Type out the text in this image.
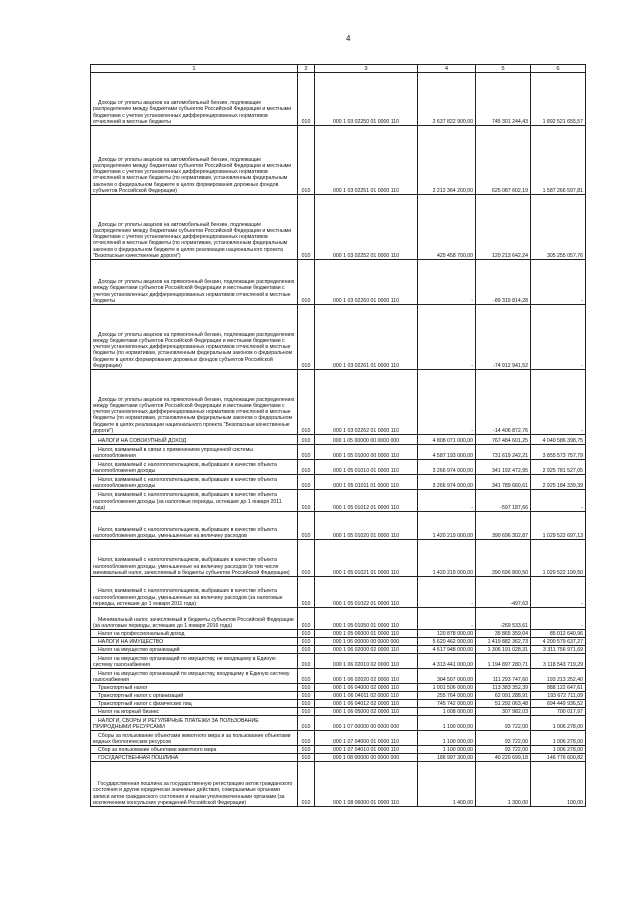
4
1	2	3	4	5	6
Доходы от уплаты акцизов на автомобильный бензин, подлежащие распределению между бюджетами субъектов Российской Федерации и местными бюджетами с учетом установленных дифференцированных нормативов отчислений в местные бюджеты	010	000 1 03 02250 01 0000 110	2 637 822 900,00	745 301 244,43	1 892 521 655,57
Доходы от уплаты акцизов на автомобильный бензин, подлежащие распределению между бюджетами субъектов Российской Федерации и местными бюджетами с учетом установленных дифференцированных нормативов отчислений в местные бюджеты (по нормативам, установленным федеральным законом о федеральном бюджете в целях формирования дорожных фондов субъектов Российской Федерации)	010	000 1 03 02251 01 0000 110	2 212 364 200,00	625 087 602,19	1 587 266 597,81
Доходы от уплаты акцизов на автомобильный бензин, подлежащие распределению между бюджетами субъектов Российской Федерации и местными бюджетами с учетом установленных дифференцированных нормативов отчислений в местные бюджеты (по нормативам, установленным федеральным законом о федеральном бюджете в целях реализации национального проекта "Безопасные качественные дороги")	010	000 1 03 02252 01 0000 110	425 458 700,00	120 213 642,24	305 255 057,76
Доходы от уплаты акцизов на прямогонный бензин, подлежащие распределению между бюджетами субъектов Российской Федерации и местными бюджетами с учетом установленных дифференцированных нормативов отчислений в местные бюджеты	010	000 1 03 02260 01 0000 110	-	-89 319 814,28	-
Доходы от уплаты акцизов на прямогонный бензин, подлежащие распределению между бюджетами субъектов Российской Федерации и местными бюджетами с учетом установленных дифференцированных нормативов отчислений в местные бюджеты (по нормативам, установленным федеральным законом о федеральном бюджете в целях формирования дорожных фондов субъектов Российской Федерации)	010	000 1 03 02261 01 0000 110	-	-74 912 941,52	-
Доходы от уплаты акцизов на прямогонный бензин, подлежащие распределению между бюджетами субъектов Российской Федерации и местными бюджетами с учетом установленных дифференцированных нормативов отчислений в местные бюджеты (по нормативам, установленным федеральным законом о федеральном бюджете в целях реализации национального проекта "Безопасные качественные дороги")	010	000 1 03 02262 01 0000 110	-	-14 406 872,76	-
НАЛОГИ НА СОВОКУПНЫЙ ДОХОД	010	000 1 05 00000 00 0000 000	4 808 071 000,00	767 484 601,25	4 040 586 398,75
Налог, взимаемый в связи с применением упрощенной системы налогообложения	010	000 1 05 01000 00 0000 110	4 587 193 000,00	731 619 242,21	3 855 573 757,79
Налог, взимаемый с налогоплательщиков, выбравших в качестве объекта налогообложения доходы	010	000 1 05 01010 01 0000 110	3 266 974 000,00	341 192 472,95	2 925 781 527,05
Налог, взимаемый с налогоплательщиков, выбравших в качестве объекта налогообложения доходы	010	000 1 05 01011 01 0000 110	3 266 974 000,00	341 789 660,61	2 925 184 339,39
Налог, взимаемый с налогоплательщиков, выбравших в качестве объекта налогообложения доходы (за налоговые периоды, истекшие до 1 января 2011 года)	010	000 1 05 01012 01 0000 110	-	-597 187,66	-
Налог, взимаемый с налогоплательщиков, выбравших в качестве объекта налогообложения доходы, уменьшенные на величину расходов	010	000 1 05 01020 01 0000 110	1 420 219 000,00	390 696 302,87	1 029 522 697,13
Налог, взимаемый с налогоплательщиков, выбравших в качестве объекта налогообложения доходы, уменьшенные на величину расходов (в том числе минимальный налог, зачисляемый в бюджеты субъектов Российской Федерации)	010	000 1 05 01021 01 0000 110	1 420 219 000,00	390 696 800,50	1 029 522 199,50
Налог, взимаемый с налогоплательщиков, выбравших в качестве объекта налогообложения доходы, уменьшенные на величину расходов (за налоговые периоды, истекшие до 1 января 2011 года)	010	000 1 05 01022 01 0000 110	-	-497,63	-
Минимальный налог, зачисляемый в бюджеты субъектов Российской Федерации (за налоговые периоды, истекшие до 1 января 2016 года)	010	000 1 05 01050 01 0000 110	-	-269 533,61	-
Налог на профессиональный доход	010	000 1 05 06000 01 0000 110	120 878 000,00	35 865 359,04	85 012 640,96
НАЛОГИ НА ИМУЩЕСТВО	010	000 1 06 00000 00 0000 000	5 620 462 000,00	1 419 882 362,73	4 200 579 637,27
Налог на имущество организаций	010	000 1 06 02000 02 0000 110	4 617 948 000,00	1 306 191 028,31	3 311 756 971,69
Налог на имущество организаций по имуществу, не входящему в Единую систему газоснабжения	010	000 1 06 02010 02 0000 110	4 313 441 000,00	1 194 897 280,71	3 118 543 719,29
Налог на имущество организаций по имуществу, входящему в Единую систему газоснабжения	010	000 1 06 02020 02 0000 110	304 507 000,00	111 293 747,60	193 213 252,40
Транспортный налог	010	000 1 06 04000 02 0000 110	1 001 506 000,00	113 383 352,39	888 122 647,61
Транспортный налог с организаций	010	000 1 06 04011 02 0000 110	255 764 000,00	62 091 288,91	193 672 711,09
Транспортный налог с физических лиц	010	000 1 06 04012 02 0000 110	745 742 000,00	51 292 063,48	694 449 936,52
Налог на игорный бизнес	010	000 1 06 05000 02 0000 110	1 008 000,00	307 982,03	700 017,97
НАЛОГИ, СБОРЫ И РЕГУЛЯРНЫЕ ПЛАТЕЖИ ЗА ПОЛЬЗОВАНИЕ ПРИРОДНЫМИ РЕСУРСАМИ	010	000 1 07 00000 00 0000 000	1 100 000,00	93 722,00	1 006 278,00
Сборы за пользование объектами животного мира и за пользование объектами водных биологических ресурсов	010	000 1 07 04000 01 0000 110	1 100 000,00	93 722,00	1 006 278,00
Сбор за пользование объектами животного мира	010	000 1 07 04010 01 0000 110	1 100 000,00	93 722,00	1 006 278,00
ГОСУДАРСТВЕННАЯ ПОШЛИНА	010	000 1 08 00000 00 0000 000	186 997 300,00	40 220 699,18	146 776 600,82
Государственная пошлина за государственную регистрацию актов гражданского состояния и другие юридически значимые действия, совершаемые органами записи актов гражданского состояния и иными уполномоченными органами (за исключением консульских учреждений Российской Федерации)	010	000 1 08 06000 01 0000 110	1 400,00	1 300,00	100,00
